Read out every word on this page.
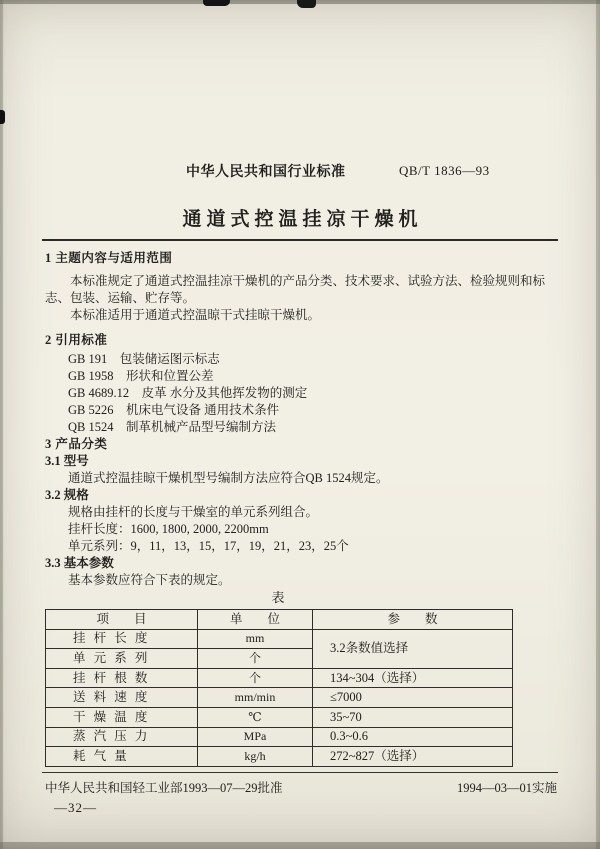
中华人民共和国行业标准	QB/T 1836—93
通道式控温挂凉干燥机
1 主题内容与适用范围

本标准规定了通道式控温挂凉干燥机的产品分类、技术要求、试验方法、检验规则和标志、包装、运输、贮存等。

本标准适用于通道式控温晾干式挂晾干燥机。

2 引用标准
GB 191 包装储运图示标志
GB 1958 形状和位置公差
GB 4689.12 皮革 水分及其他挥发物的测定
GB 5226 机床电气设备 通用技术条件
QB 1524 制革机械产品型号编制方法
3 产品分类
3.1 型号

通道式控温挂晾干燥机型号编制方法应符合QB 1524规定。

3.2 规格

规格由挂杆的长度与干燥室的单元系列组合。

挂杆长度：1600, 1800, 2000, 2200mm

单元系列：9，11，13，15，17，19，21，23，25个

3.3 基本参数

基本参数应符合下表的规定。

表
项目	单位	参数
挂杆长度	mm	3.2条数值选择
单元系列	个	
挂杆根数	个	134~304（选择）
送料速度	mm/min	≤7000
干燥温度	℃	35~70
蒸汽压力	MPa	0.3~0.6
耗气量	kg/h	272~827（选择）
中华人民共和国轻工业部1993—07—29批准	1994—03—01实施
—32—
